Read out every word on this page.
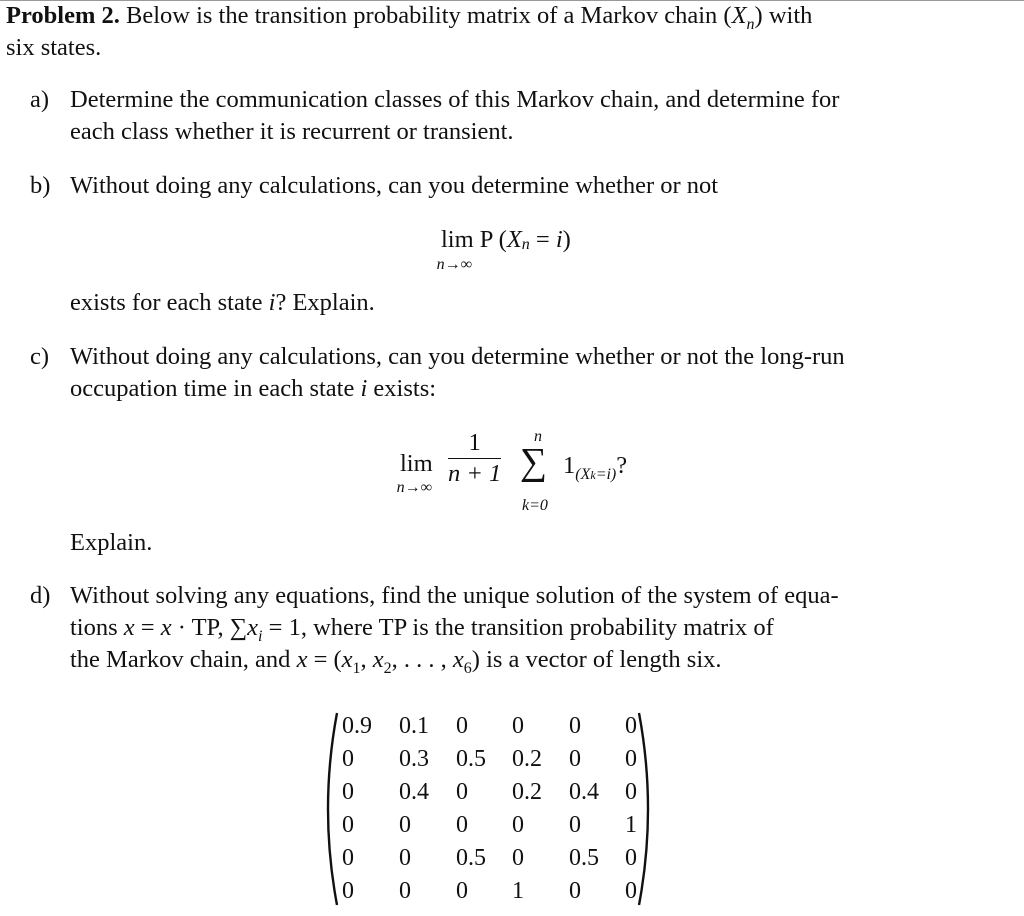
Problem 2. Below is the transition probability matrix of a Markov chain $(X_n)$ with
six states.
a) Determine the communication classes of this Markov chain, and determine for
each class whether it is recurrent or transient.
b) Without doing any calculations, can you determine whether or not
lim
n→∞
P $(X_n = i)$
exists for each state i? Explain.
c) Without doing any calculations, can you determine whether or not the long-run
occupation time in each state i exists:
lim
$n\to\infty \frac{1}{n + 1}$ n
∑
k=0
$1_{(Xk=i)}$?
Explain.
d) Without solving any equations, find the unique solution of the system of equa-
tions x = x · TP, $\sum x_i = 1$, where TP is the transition probability matrix of
the Markov chain, and $x = (x_1$, $x_2$, . . . , $x_6$) is a vector of length six.
0.9	0.1	0	0	0	0
0	0.3	0.5	0.2	0	0
0	0.4	0	0.2	0.4	0
0	0	0	0	0	1
0	0	0.5	0	0.5	0
0	0	0	1	0	0
